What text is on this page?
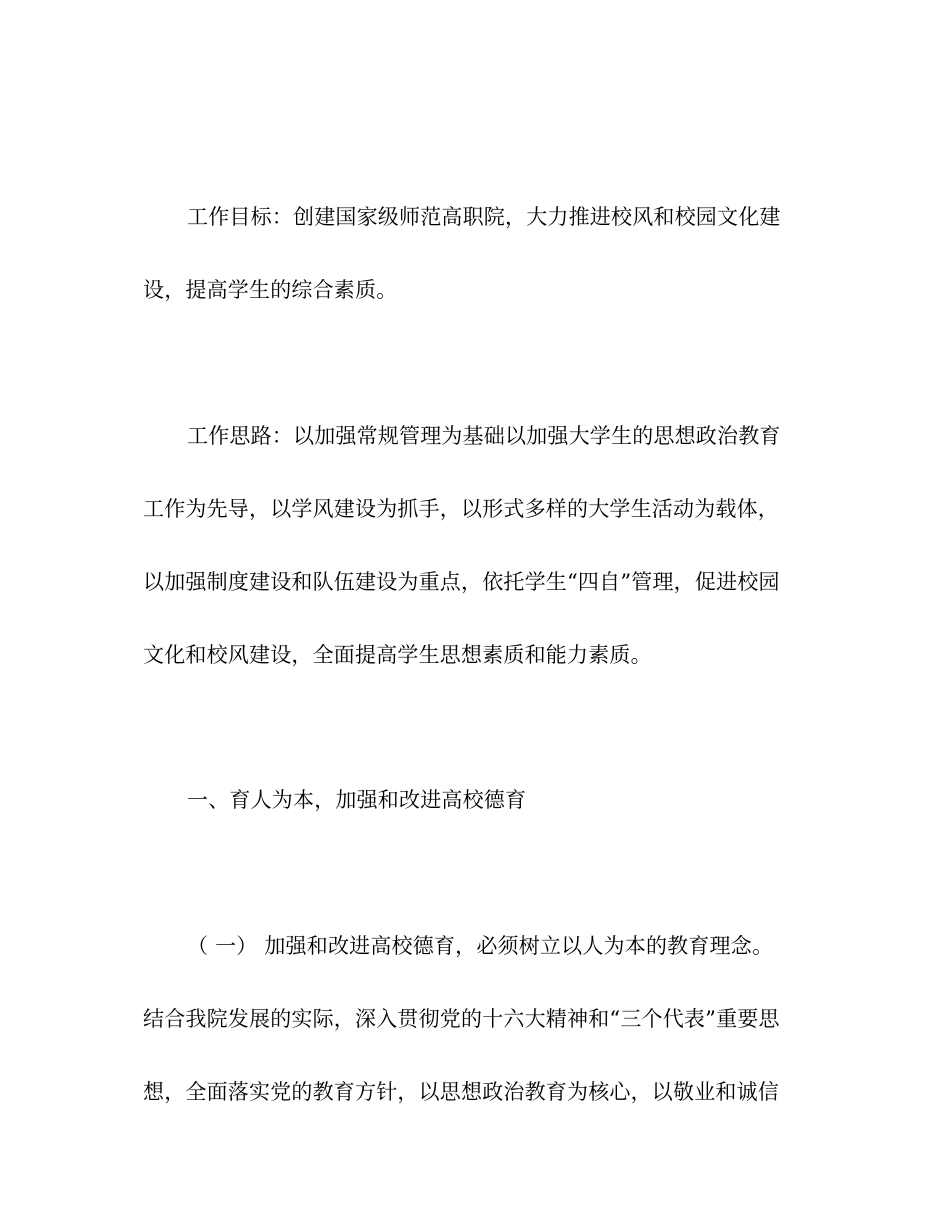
工作目标：创建国家级师范高职院，大力推进校风和校园文化建
设，提高学生的综合素质。
工作思路：以加强常规管理为基础以加强大学生的思想政治教育
工作为先导，以学风建设为抓手，以形式多样的大学生活动为载体，
以加强制度建设和队伍建设为重点，依托学生“四自”管理，促进校园
文化和校风建设，全面提高学生思想素质和能力素质。
一、育人为本，加强和改进高校德育
（ 一） 加强和改进高校德育，必须树立以人为本的教育理念。
结合我院发展的实际，深入贯彻党的十六大精神和“三个代表”重要思
想，全面落实党的教育方针，以思想政治教育为核心，以敬业和诚信
